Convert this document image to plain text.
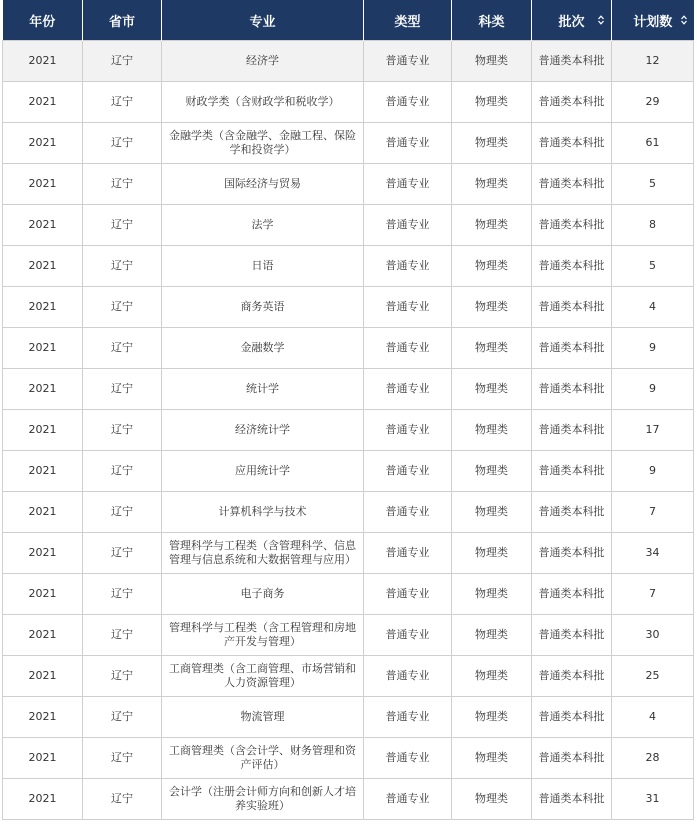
年份	省市	专业	类型	科类	批次	计划数

2021	辽宁	经济学	普通专业	物理类	普通类本科批	12
2021	辽宁	财政学类（含财政学和税收学）	普通专业	物理类	普通类本科批	29
2021	辽宁	金融学类（含金融学、金融工程、保险学和投资学）	普通专业	物理类	普通类本科批	61
2021	辽宁	国际经济与贸易	普通专业	物理类	普通类本科批	5
2021	辽宁	法学	普通专业	物理类	普通类本科批	8
2021	辽宁	日语	普通专业	物理类	普通类本科批	5
2021	辽宁	商务英语	普通专业	物理类	普通类本科批	4
2021	辽宁	金融数学	普通专业	物理类	普通类本科批	9
2021	辽宁	统计学	普通专业	物理类	普通类本科批	9
2021	辽宁	经济统计学	普通专业	物理类	普通类本科批	17
2021	辽宁	应用统计学	普通专业	物理类	普通类本科批	9
2021	辽宁	计算机科学与技术	普通专业	物理类	普通类本科批	7
2021	辽宁	管理科学与工程类（含管理科学、信息管理与信息系统和大数据管理与应用）	普通专业	物理类	普通类本科批	34
2021	辽宁	电子商务	普通专业	物理类	普通类本科批	7
2021	辽宁	管理科学与工程类（含工程管理和房地产开发与管理）	普通专业	物理类	普通类本科批	30
2021	辽宁	工商管理类（含工商管理、市场营销和人力资源管理）	普通专业	物理类	普通类本科批	25
2021	辽宁	物流管理	普通专业	物理类	普通类本科批	4
2021	辽宁	工商管理类（含会计学、财务管理和资产评估）	普通专业	物理类	普通类本科批	28
2021	辽宁	会计学（注册会计师方向和创新人才培养实验班）	普通专业	物理类	普通类本科批	31
